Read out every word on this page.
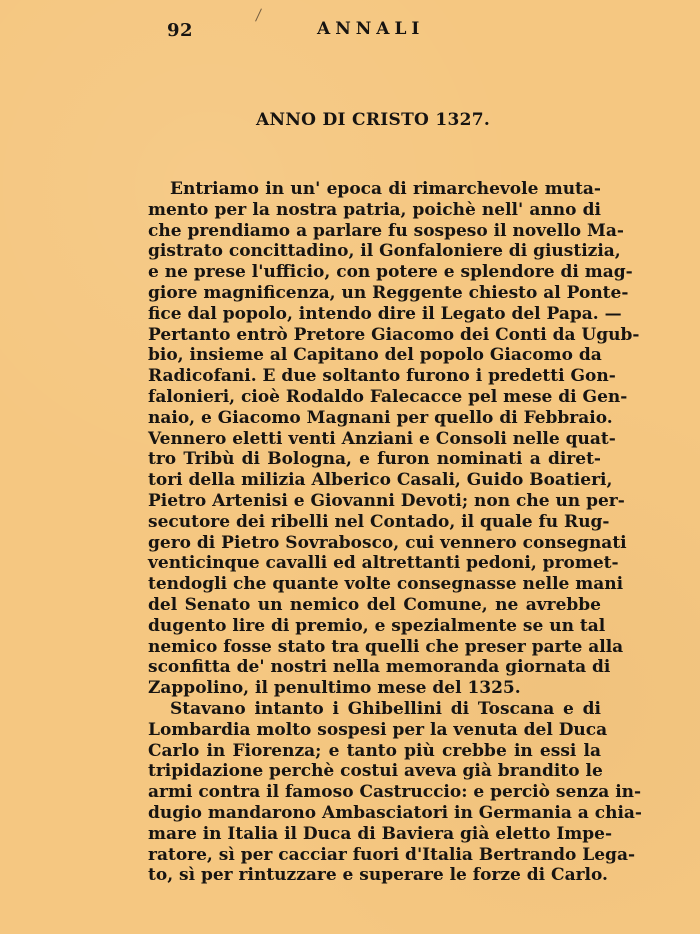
92	ANNALI
ANNO DI CRISTO 1327.
Entriamo in un' epoca di rimarchevole muta-
mento per la nostra patria, poichè nell' anno di
che prendiamo a parlare fu sospeso il novello Ma-
gistrato concittadino, il Gonfaloniere di giustizia,
e ne prese l'ufficio, con potere e splendore di mag-
giore magnificenza, un Reggente chiesto al Ponte-
fice dal popolo, intendo dire il Legato del Papa. —
Pertanto entrò Pretore Giacomo dei Conti da Ugub-
bio, insieme al Capitano del popolo Giacomo da
Radicofani. E due soltanto furono i predetti Gon-
falonieri, cioè Rodaldo Falecacce pel mese di Gen-
naio, e Giacomo Magnani per quello di Febbraio.
Vennero eletti venti Anziani e Consoli nelle quat-
tro Tribù di Bologna, e furon nominati a diret-
tori della milizia Alberico Casali, Guido Boatieri,
Pietro Artenisi e Giovanni Devoti; non che un per-
secutore dei ribelli nel Contado, il quale fu Rug-
gero di Pietro Sovrabosco, cui vennero consegnati
venticinque cavalli ed altrettanti pedoni, promet-
tendogli che quante volte consegnasse nelle mani
del Senato un nemico del Comune, ne avrebbe
dugento lire di premio, e spezialmente se un tal
nemico fosse stato tra quelli che preser parte alla
sconfitta de' nostri nella memoranda giornata di
Zappolino, il penultimo mese del 1325.
Stavano intanto i Ghibellini di Toscana e di
Lombardia molto sospesi per la venuta del Duca
Carlo in Fiorenza; e tanto più crebbe in essi la
tripidazione perchè costui aveva già brandito le
armi contra il famoso Castruccio: e perciò senza in-
dugio mandarono Ambasciatori in Germania a chia-
mare in Italia il Duca di Baviera già eletto Impe-
ratore, sì per cacciar fuori d'Italia Bertrando Lega-
to, sì per rintuzzare e superare le forze di Carlo.
